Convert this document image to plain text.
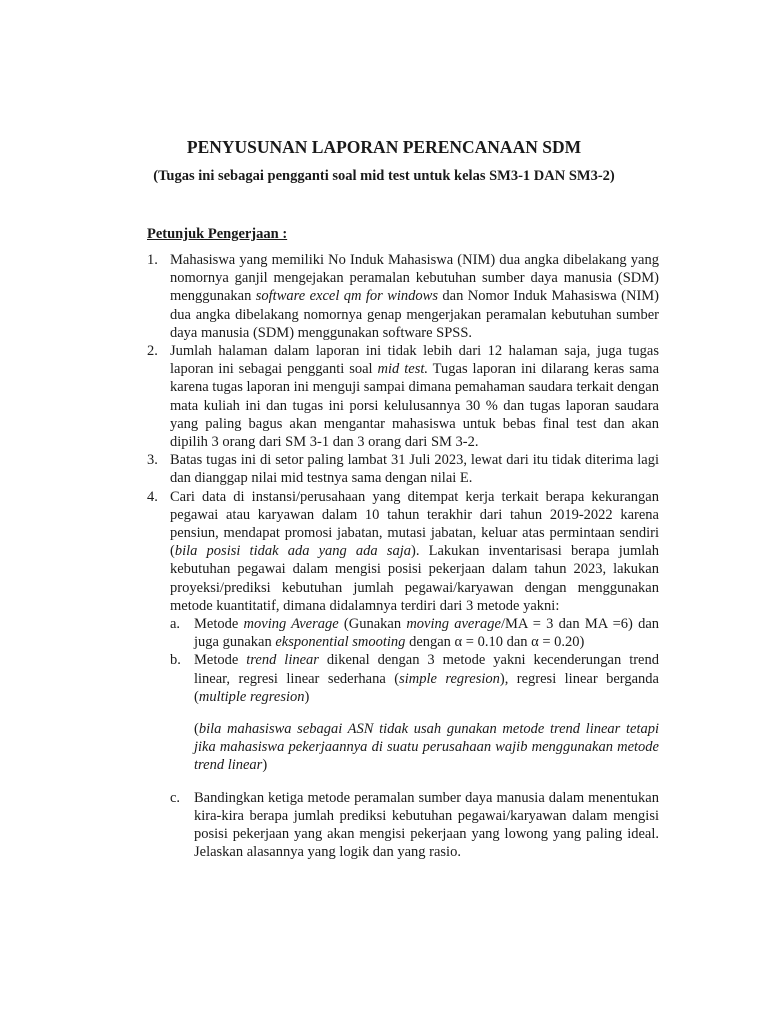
PENYUSUNAN LAPORAN PERENCANAAN SDM
(Tugas ini sebagai pengganti soal mid test untuk kelas SM3-1 DAN SM3-2)
Petunjuk Pengerjaan :
1. Mahasiswa yang memiliki No Induk Mahasiswa (NIM) dua angka dibelakang yang nomornya ganjil mengejakan peramalan kebutuhan sumber daya manusia (SDM) menggunakan software excel qm for windows dan Nomor Induk Mahasiswa (NIM) dua angka dibelakang nomornya genap mengerjakan peramalan kebutuhan sumber daya manusia (SDM) menggunakan software SPSS.
2. Jumlah halaman dalam laporan ini tidak lebih dari 12 halaman saja, juga tugas laporan ini sebagai pengganti soal mid test. Tugas laporan ini dilarang keras sama karena tugas laporan ini menguji sampai dimana pemahaman saudara terkait dengan mata kuliah ini dan tugas ini porsi kelulusannya 30 % dan tugas laporan saudara yang paling bagus akan mengantar mahasiswa untuk bebas final test dan akan dipilih 3 orang dari SM 3-1 dan 3 orang dari SM 3-2.
3. Batas tugas ini di setor paling lambat 31 Juli 2023, lewat dari itu tidak diterima lagi dan dianggap nilai mid testnya sama dengan nilai E.
4. Cari data di instansi/perusahaan yang ditempat kerja terkait berapa kekurangan pegawai atau karyawan dalam 10 tahun terakhir dari tahun 2019-2022 karena pensiun, mendapat promosi jabatan, mutasi jabatan, keluar atas permintaan sendiri (bila posisi tidak ada yang ada saja). Lakukan inventarisasi berapa jumlah kebutuhan pegawai dalam mengisi posisi pekerjaan dalam tahun 2023, lakukan proyeksi/prediksi kebutuhan jumlah pegawai/karyawan dengan menggunakan metode kuantitatif, dimana didalamnya terdiri dari 3 metode yakni:
a. Metode moving Average (Gunakan moving average/MA = 3 dan MA =6) dan juga gunakan eksponential smooting dengan α = 0.10 dan α = 0.20)
b. Metode trend linear dikenal dengan 3 metode yakni kecenderungan trend linear, regresi linear sederhana (simple regresion), regresi linear berganda (multiple regresion)
(bila mahasiswa sebagai ASN tidak usah gunakan metode trend linear tetapi jika mahasiswa pekerjaannya di suatu perusahaan wajib menggunakan metode trend linear)
c. Bandingkan ketiga metode peramalan sumber daya manusia dalam menentukan kira-kira berapa jumlah prediksi kebutuhan pegawai/karyawan dalam mengisi posisi pekerjaan yang akan mengisi pekerjaan yang lowong yang paling ideal. Jelaskan alasannya yang logik dan yang rasio.
